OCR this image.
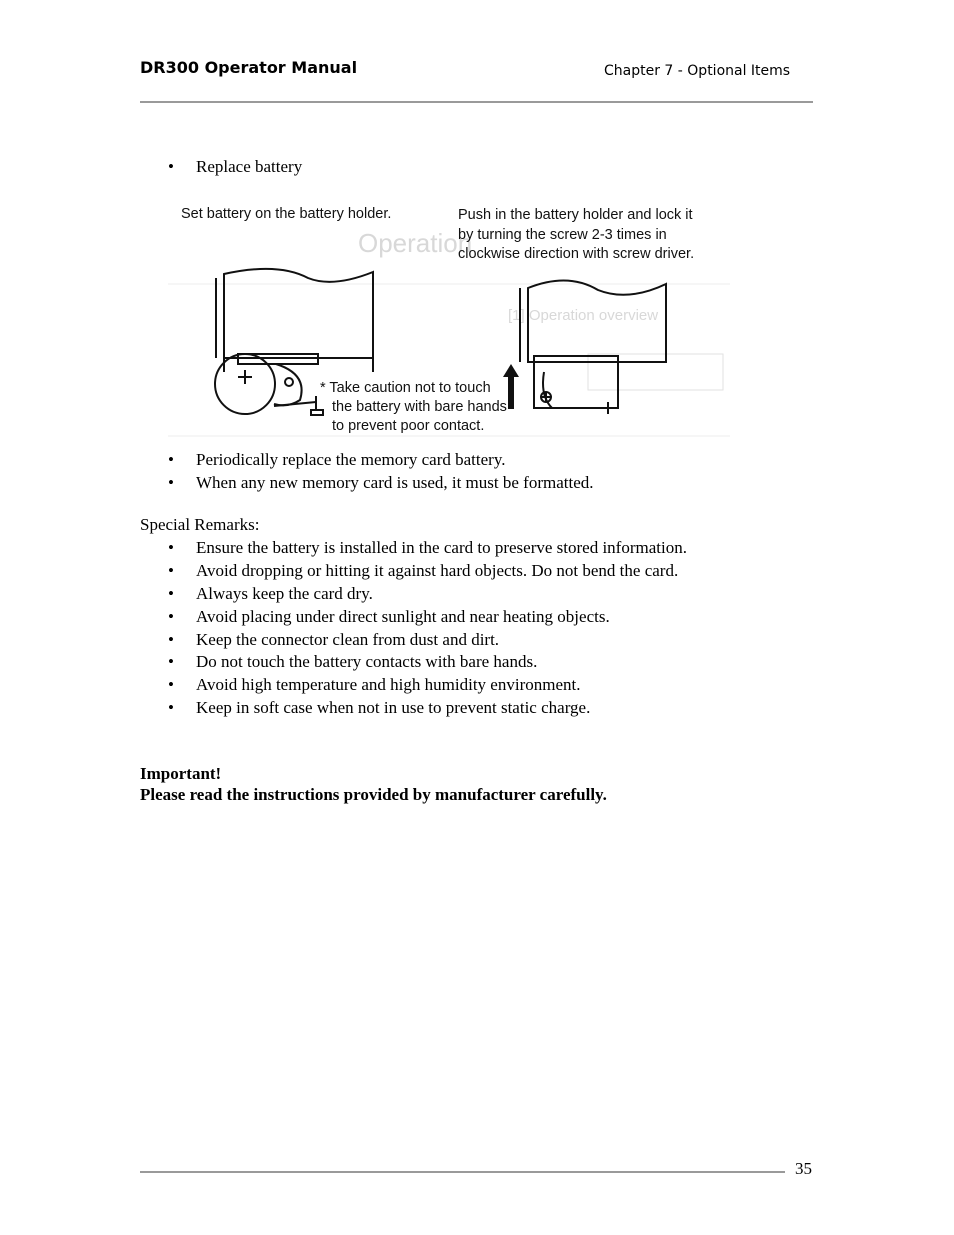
DR300 Operator Manual	Chapter 7 - Optional Items
• Replace battery
Operation
[1] Operation overview
Set battery on the battery holder.	Push in the battery holder and lock it
by turning the screw 2-3 times in
clockwise direction with screw driver.
* Take caution not to touch
the battery with bare hands
to prevent poor contact.
• Periodically replace the memory card battery.
• When any new memory card is used, it must be formatted.
Special Remarks:
• Ensure the battery is installed in the card to preserve stored information.
• Avoid dropping or hitting it against hard objects. Do not bend the card.
• Always keep the card dry.
• Avoid placing under direct sunlight and near heating objects.
• Keep the connector clean from dust and dirt.
• Do not touch the battery contacts with bare hands.
• Avoid high temperature and high humidity environment.
• Keep in soft case when not in use to prevent static charge.
Important!
Please read the instructions provided by manufacturer carefully.
35
